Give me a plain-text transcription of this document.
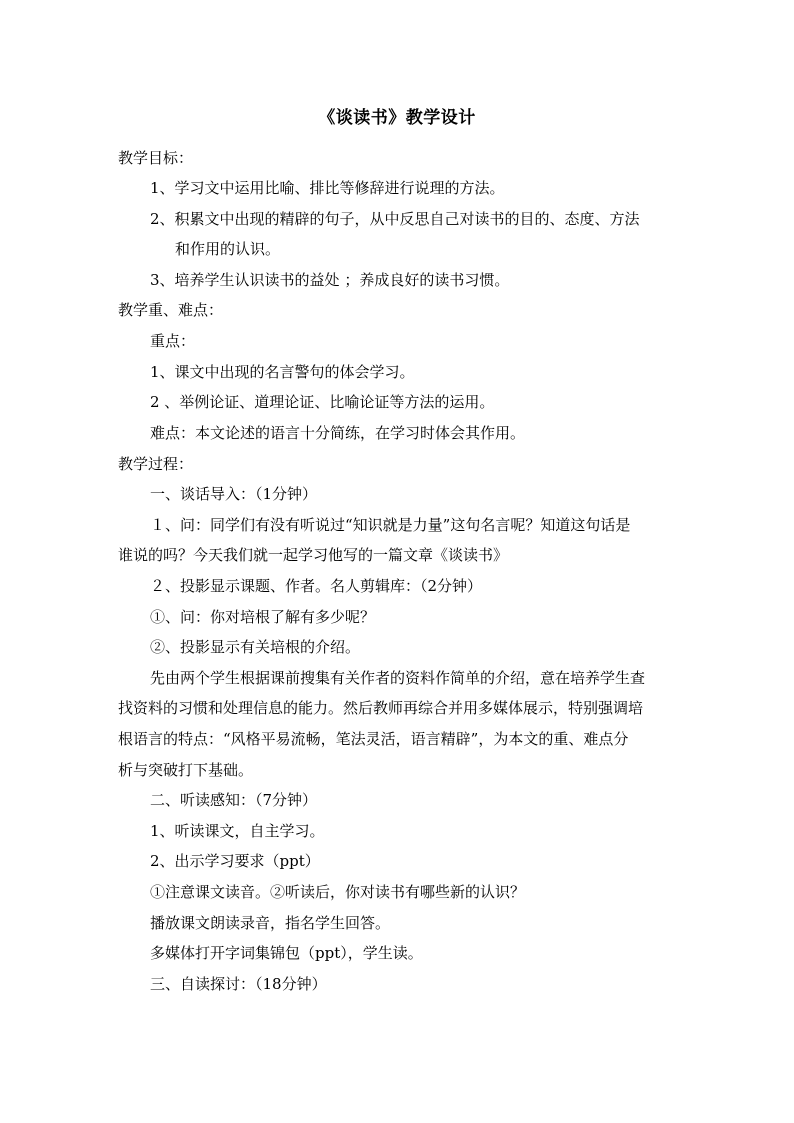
《谈读书》教学设计
教学目标：
1、学习文中运用比喻、排比等修辞进行说理的方法。
2、积累文中出现的精辟的句子，从中反思自己对读书的目的、态度、方法
和作用的认识。
3、培养学生认识读书的益处 ；养成良好的读书习惯。
教学重、难点：
重点：
1、课文中出现的名言警句的体会学习。
2 、举例论证、道理论证、比喻论证等方法的运用。
难点：本文论述的语言十分简练，在学习时体会其作用。
教学过程：
一、谈话导入：（1分钟）
１、问：同学们有没有听说过“知识就是力量”这句名言呢？知道这句话是
谁说的吗？今天我们就一起学习他写的一篇文章《谈读书》
２、投影显示课题、作者。名人剪辑库：（2分钟）
①、问：你对培根了解有多少呢？
②、投影显示有关培根的介绍。
先由两个学生根据课前搜集有关作者的资料作简单的介绍，意在培养学生查
找资料的习惯和处理信息的能力。然后教师再综合并用多媒体展示，特别强调培
根语言的特点：“风格平易流畅，笔法灵活，语言精辟”，为本文的重、难点分
析与突破打下基础。
二、听读感知：（7分钟）
1、听读课文，自主学习。
2、出示学习要求（ppt）
①注意课文读音。②听读后，你对读书有哪些新的认识？
播放课文朗读录音，指名学生回答。
多媒体打开字词集锦包（ppt），学生读。
三、自读探讨：（18分钟）
